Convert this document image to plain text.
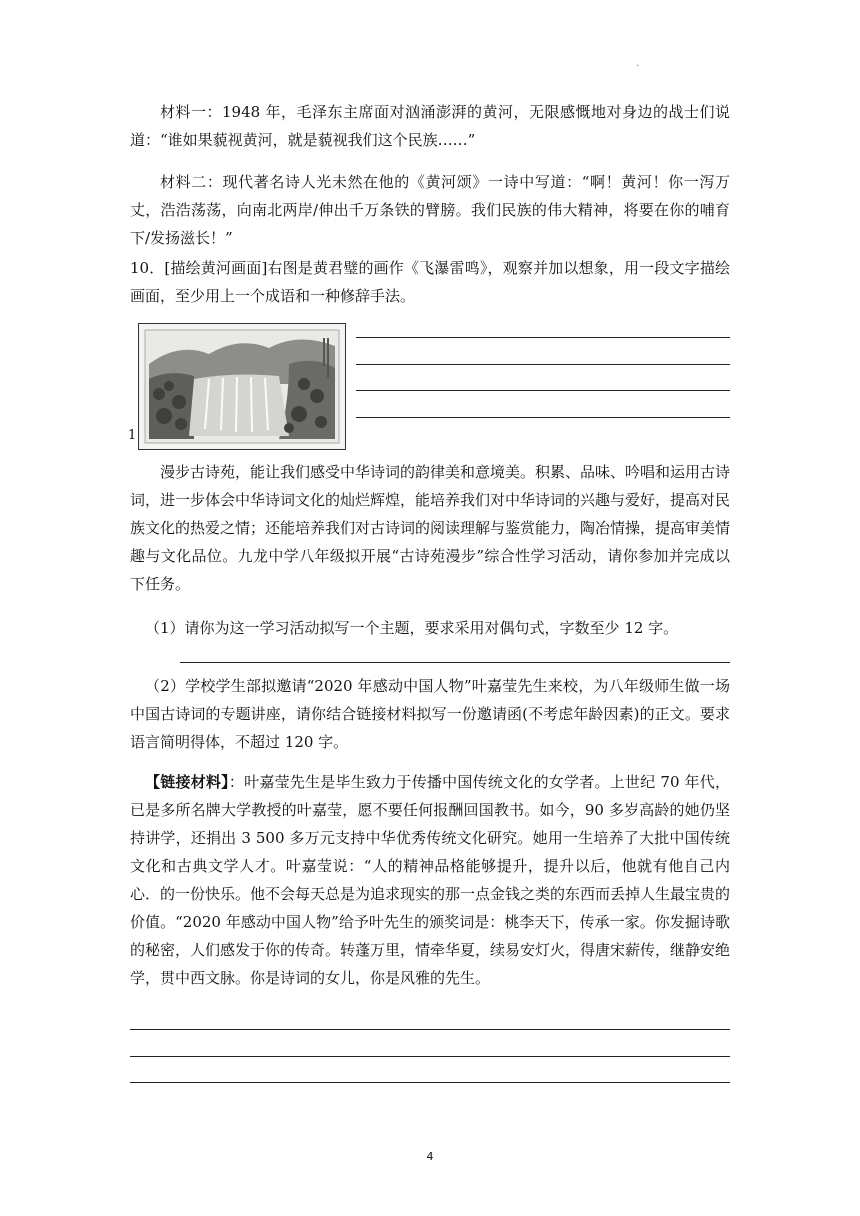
.

材料一：1948 年，毛泽东主席面对汹涌澎湃的黄河，无限感慨地对身边的战士们说道：“谁如果藐视黄河，就是藐视我们这个民族……”

材料二：现代著名诗人光未然在他的《黄河颂》一诗中写道：“啊！黄河！你一泻万丈，浩浩荡荡，向南北两岸/伸出千万条铁的臂膀。我们民族的伟大精神，将要在你的哺育下/发扬滋长！”

10．[描绘黄河画面]右图是黄君璧的画作《飞瀑雷鸣》，观察并加以想象，用一段文字描绘画面，至少用上一个成语和一种修辞手法。

1

漫步古诗苑，能让我们感受中华诗词的韵律美和意境美。积累、品味、吟唱和运用古诗词，进一步体会中华诗词文化的灿烂辉煌，能培养我们对中华诗词的兴趣与爱好，提高对民族文化的热爱之情；还能培养我们对古诗词的阅读理解与鉴赏能力，陶冶情操，提高审美情趣与文化品位。九龙中学八年级拟开展“古诗苑漫步”综合性学习活动，请你参加并完成以下任务。

（1）请你为这一学习活动拟写一个主题，要求采用对偶句式，字数至少 12 字。

（2）学校学生部拟邀请“2020 年感动中国人物”叶嘉莹先生来校，为八年级师生做一场中国古诗词的专题讲座，请你结合链接材料拟写一份邀请函(不考虑年龄因素)的正文。要求语言简明得体，不超过 120 字。

【链接材料】：叶嘉莹先生是毕生致力于传播中国传统文化的女学者。上世纪 70 年代，已是多所名牌大学教授的叶嘉莹，愿不要任何报酬回国教书。如今，90 多岁高龄的她仍坚持讲学，还捐出 3 500 多万元支持中华优秀传统文化研究。她用一生培养了大批中国传统文化和古典文学人才。叶嘉莹说：“人的精神品格能够提升，提升以后，他就有他自己内心．的一份快乐。他不会每天总是为追求现实的那一点金钱之类的东西而丢掉人生最宝贵的价值。“2020 年感动中国人物”给予叶先生的颁奖词是：桃李天下，传承一家。你发掘诗歌的秘密，人们感发于你的传奇。转蓬万里，情牵华夏，续易安灯火，得唐宋薪传，继静安绝学，贯中西文脉。你是诗词的女儿，你是风雅的先生。

4
